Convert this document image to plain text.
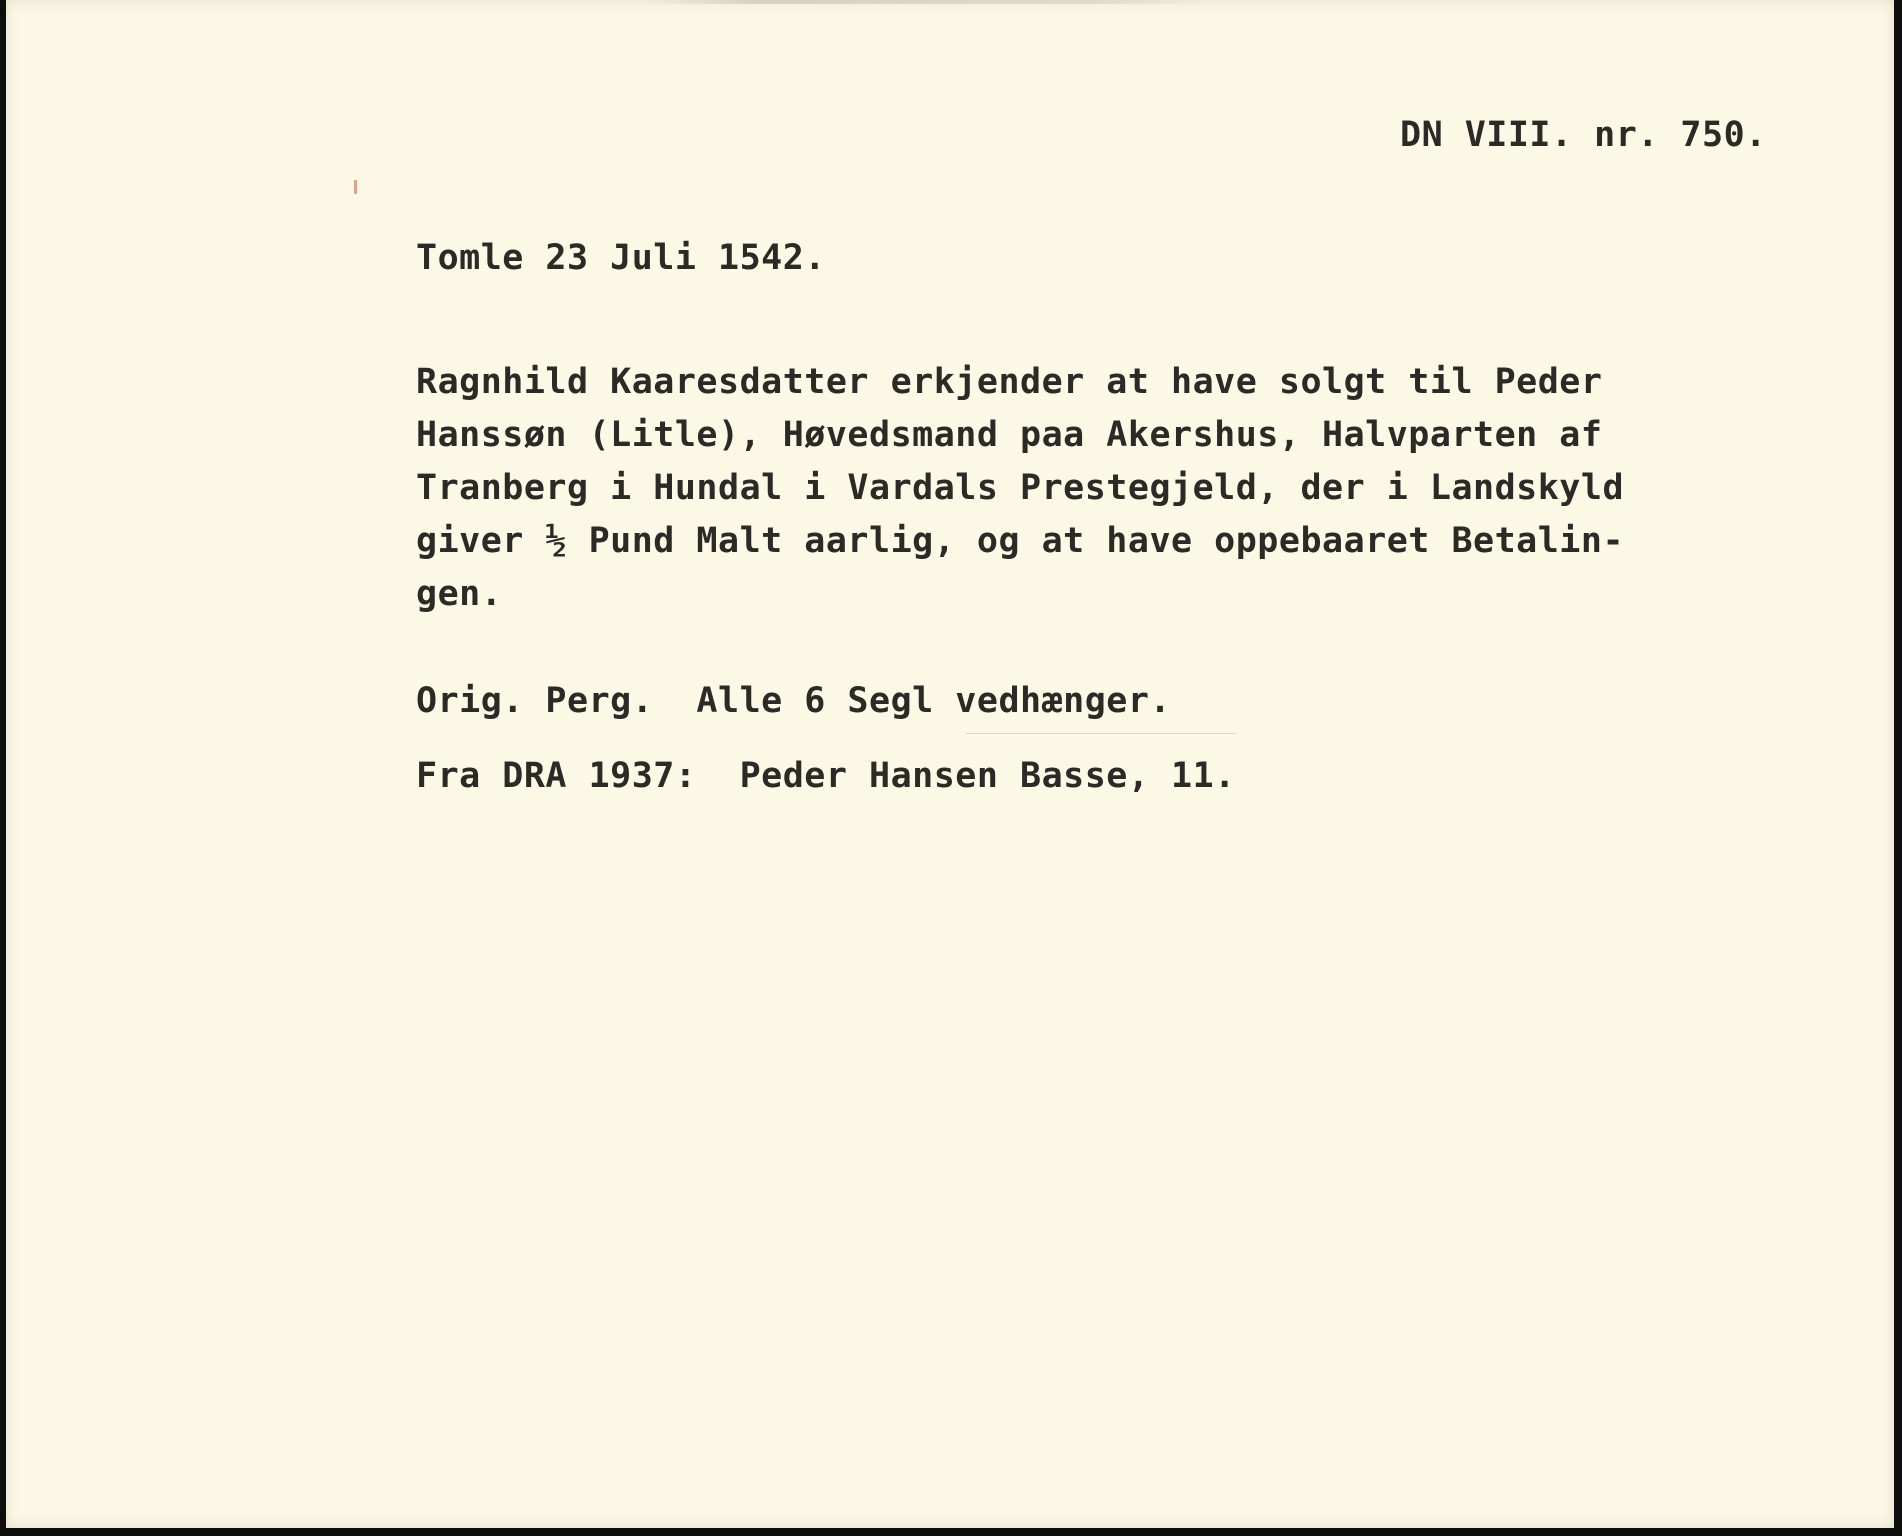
DN VIII. nr. 750.
Tomle 23 Juli 1542.
Ragnhild Kaaresdatter erkjender at have solgt til Peder
Hanssøn (Litle), Høvedsmand paa Akershus, Halvparten af
Tranberg i Hundal i Vardals Prestegjeld, der i Landskyld
giver ½ Pund Malt aarlig, og at have oppebaaret Betalin-
gen.
Orig. Perg.  Alle 6 Segl vedhænger.
Fra DRA 1937:  Peder Hansen Basse, 11.
